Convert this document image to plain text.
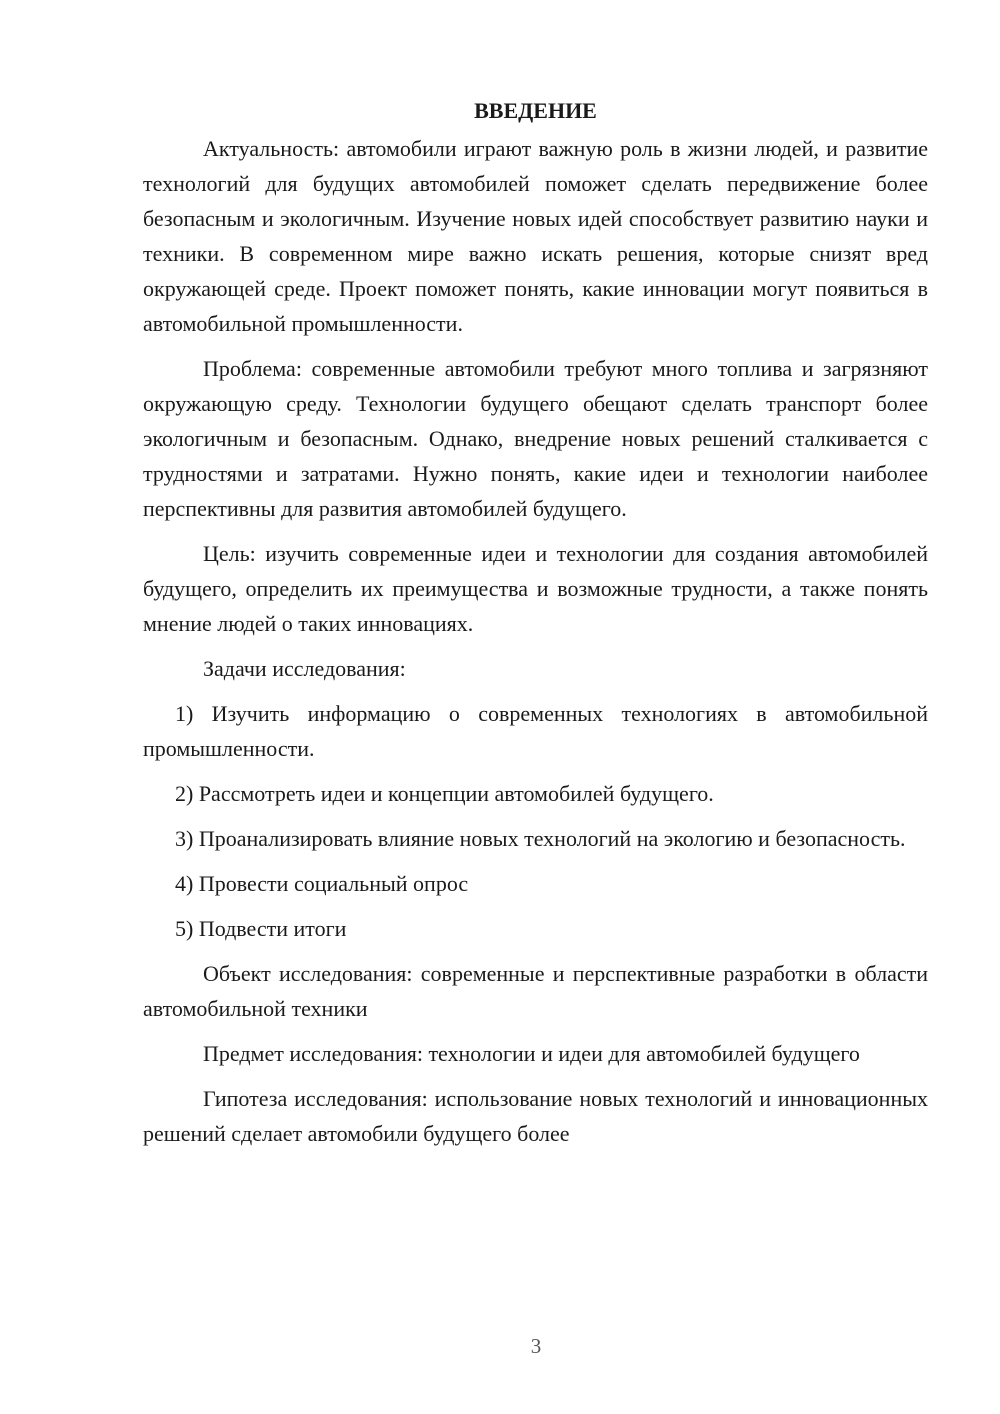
ВВЕДЕНИЕ

Актуальность: автомобили играют важную роль в жизни людей, и развитие технологий для будущих автомобилей поможет сделать передвижение более безопасным и экологичным. Изучение новых идей способствует развитию науки и техники. В современном мире важно искать решения, которые снизят вред окружающей среде. Проект поможет понять, какие инновации могут появиться в автомобильной промышленности.

Проблема: современные автомобили требуют много топлива и загрязняют окружающую среду. Технологии будущего обещают сделать транспорт более экологичным и безопасным. Однако, внедрение новых решений сталкивается с трудностями и затратами. Нужно понять, какие идеи и технологии наиболее перспективны для развития автомобилей будущего.

Цель: изучить современные идеи и технологии для создания автомобилей будущего, определить их преимущества и возможные трудности, а также понять мнение людей о таких инновациях.

Задачи исследования:

1) Изучить информацию о современных технологиях в автомобильной промышленности.

2) Рассмотреть идеи и концепции автомобилей будущего.

3) Проанализировать влияние новых технологий на экологию и безопасность.

4) Провести социальный опрос

5) Подвести итоги

Объект исследования: современные и перспективные разработки в области автомобильной техники

Предмет исследования: технологии и идеи для автомобилей будущего

Гипотеза исследования: использование новых технологий и инновационных решений сделает автомобили будущего более

3
